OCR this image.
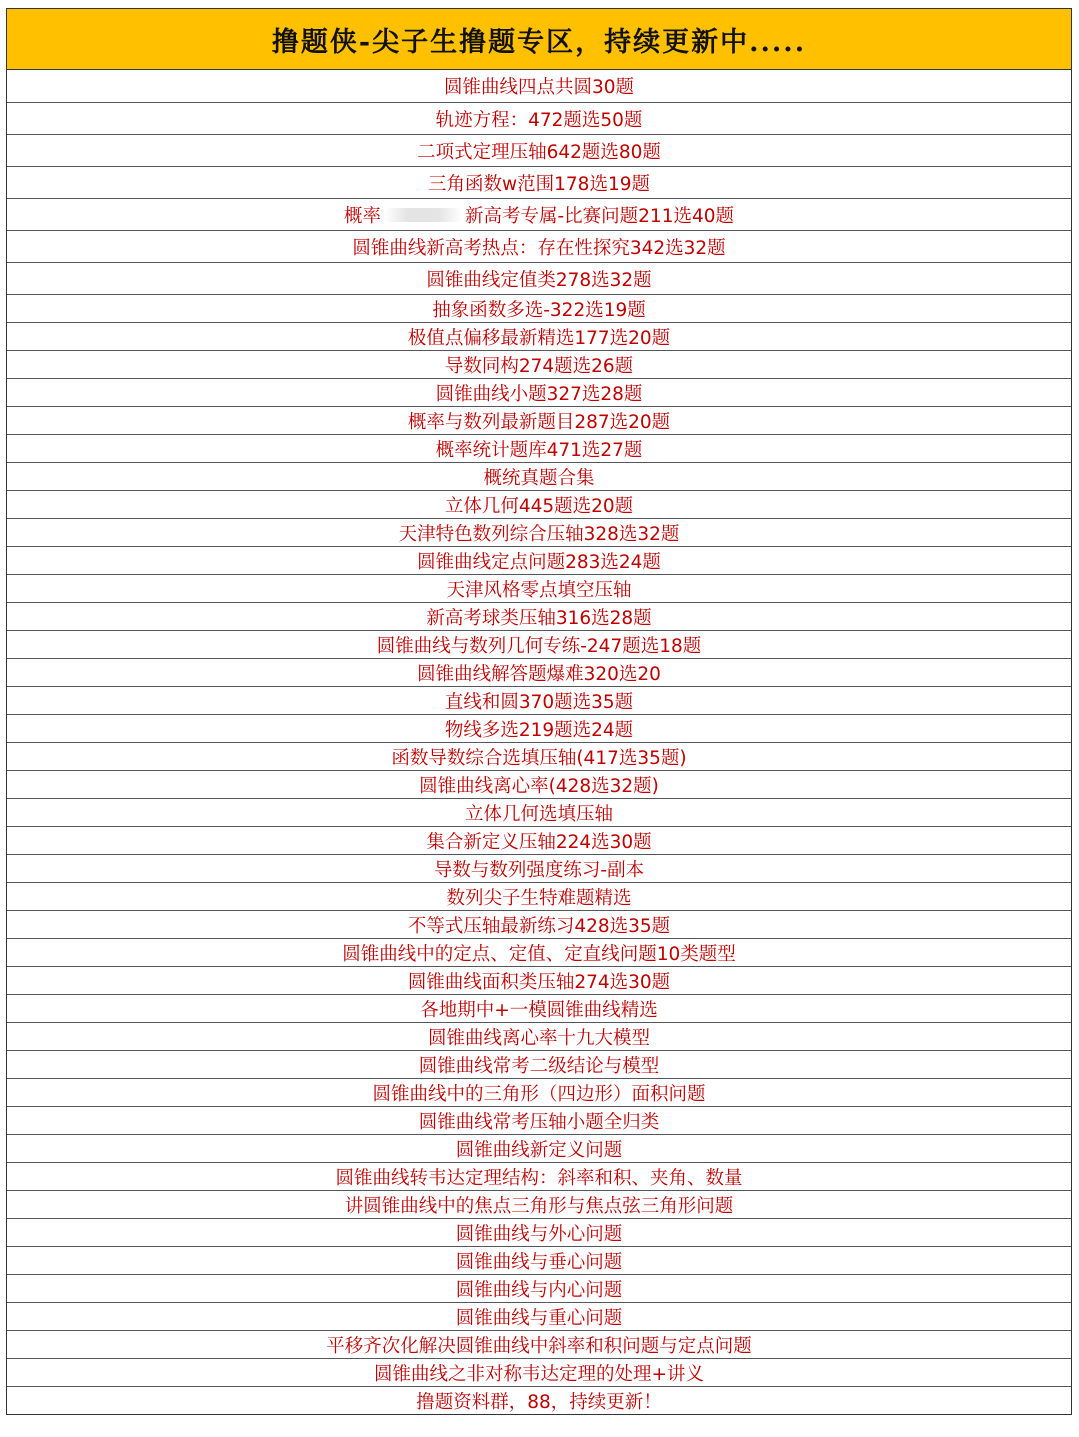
撸题侠-尖子生撸题专区，持续更新中.....
圆锥曲线四点共圆30题
轨迹方程：472题选50题
二项式定理压轴642题选80题
三角函数w范围178选19题
概率	新高考专属-比赛问题211选40题
圆锥曲线新高考热点：存在性探究342选32题
圆锥曲线定值类278选32题
抽象函数多选-322选19题
极值点偏移最新精选177选20题
导数同构274题选26题
圆锥曲线小题327选28题
概率与数列最新题目287选20题
概率统计题库471选27题
概统真题合集
立体几何445题选20题
天津特色数列综合压轴328选32题
圆锥曲线定点问题283选24题
天津风格零点填空压轴
新高考球类压轴316选28题
圆锥曲线与数列几何专练-247题选18题
圆锥曲线解答题爆难320选20
直线和圆370题选35题
物线多选219题选24题
函数导数综合选填压轴(417选35题)
圆锥曲线离心率(428选32题)
立体几何选填压轴
集合新定义压轴224选30题
导数与数列强度练习-副本
数列尖子生特难题精选
不等式压轴最新练习428选35题
圆锥曲线中的定点、定值、定直线问题10类题型
圆锥曲线面积类压轴274选30题
各地期中+一模圆锥曲线精选
圆锥曲线离心率十九大模型
圆锥曲线常考二级结论与模型
圆锥曲线中的三角形（四边形）面积问题
圆锥曲线常考压轴小题全归类
圆锥曲线新定义问题
圆锥曲线转韦达定理结构：斜率和积、夹角、数量
讲圆锥曲线中的焦点三角形与焦点弦三角形问题
圆锥曲线与外心问题
圆锥曲线与垂心问题
圆锥曲线与内心问题
圆锥曲线与重心问题
平移齐次化解决圆锥曲线中斜率和积问题与定点问题
圆锥曲线之非对称韦达定理的处理+讲义
撸题资料群，88，持续更新！
